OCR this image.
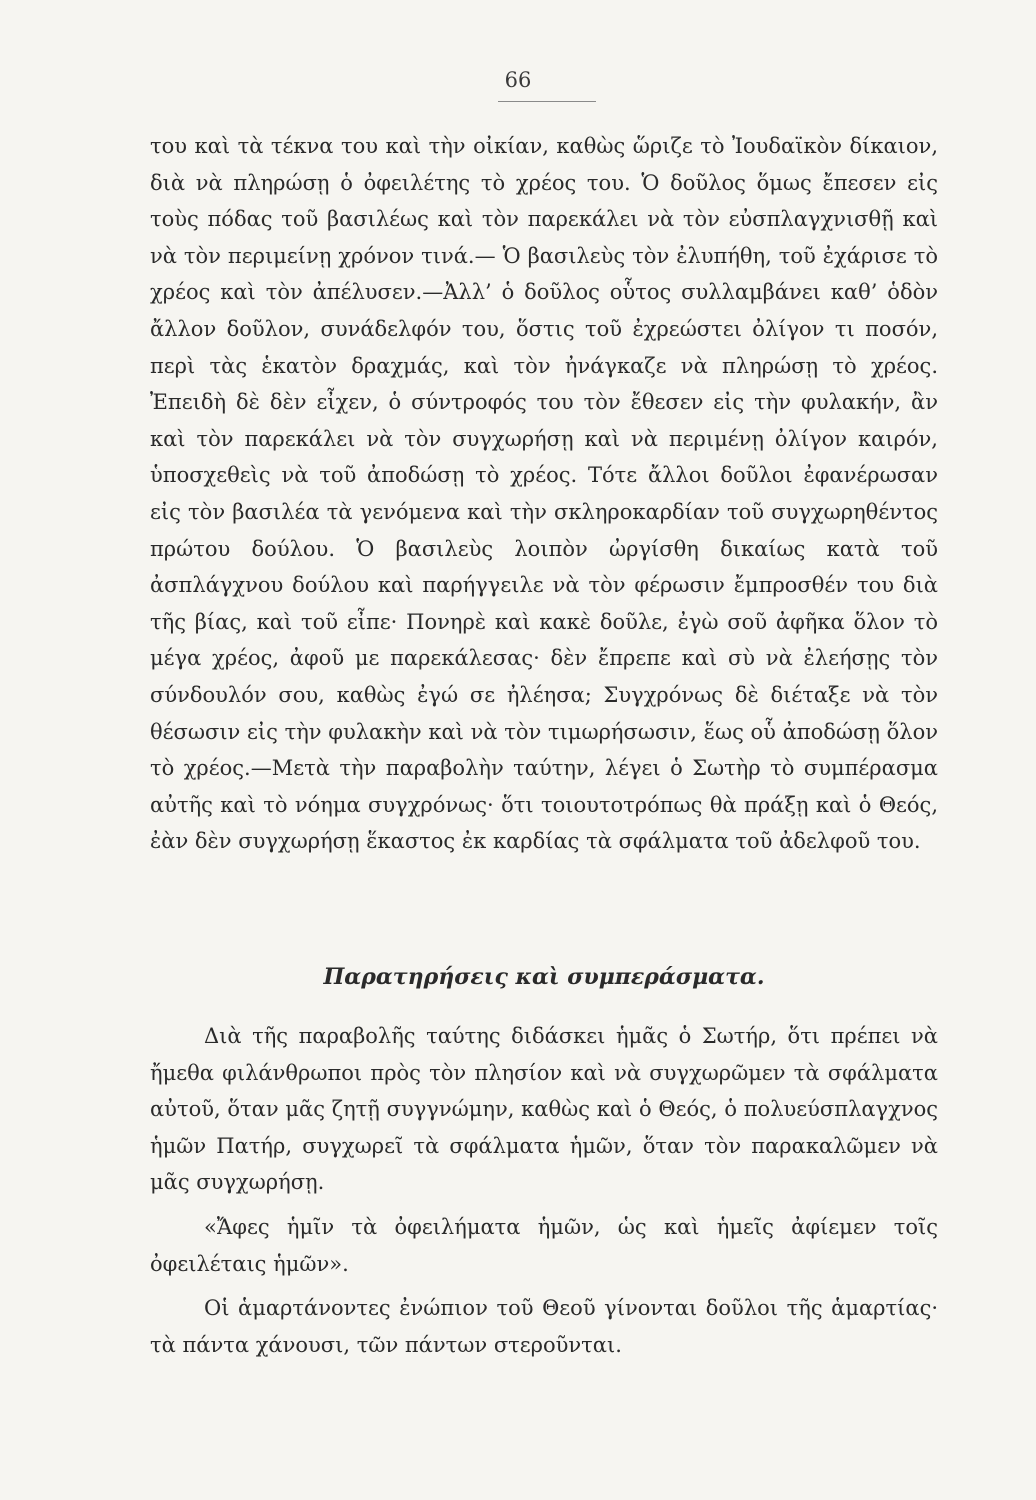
66

του καὶ τὰ τέκνα του καὶ τὴν οἰκίαν, καθὼς ὥριζε τὸ Ἰουδαϊκὸν δίκαιον, διὰ νὰ πληρώσῃ ὁ ὀφειλέτης τὸ χρέος του. Ὁ δοῦλος ὅμως ἔπεσεν εἰς τοὺς πόδας τοῦ βασιλέως καὶ τὸν παρεκάλει νὰ τὸν εὐσπλαγχνισθῇ καὶ νὰ τὸν περιμείνῃ χρόνον τινά.— Ὁ βασιλεὺς τὸν ἐλυπήθη, τοῦ ἐχάρισε τὸ χρέος καὶ τὸν ἀπέλυσεν.—Ἀλλ’ ὁ δοῦλος οὗτος συλλαμβάνει καθ’ ὁδὸν ἄλλον δοῦλον, συνάδελφόν του, ὅστις τοῦ ἐχρεώστει ὀλίγον τι ποσόν, περὶ τὰς ἑκατὸν δραχμάς, καὶ τὸν ἠνάγκαζε νὰ πληρώσῃ τὸ χρέος. Ἐπειδὴ δὲ δὲν εἶχεν, ὁ σύντροφός του τὸν ἔθεσεν εἰς τὴν φυλακήν, ἂν καὶ τὸν παρεκάλει νὰ τὸν συγχωρήσῃ καὶ νὰ περιμένῃ ὀλίγον καιρόν, ὑποσχεθεὶς νὰ τοῦ ἀποδώσῃ τὸ χρέος. Τότε ἄλλοι δοῦλοι ἐφανέρωσαν εἰς τὸν βασιλέα τὰ γενόμενα καὶ τὴν σκληροκαρδίαν τοῦ συγχωρηθέντος πρώτου δούλου. Ὁ βασιλεὺς λοιπὸν ὠργίσθη δικαίως κατὰ τοῦ ἀσπλάγχνου δούλου καὶ παρήγγειλε νὰ τὸν φέρωσιν ἔμπροσθέν του διὰ τῆς βίας, καὶ τοῦ εἶπε· Πονηρὲ καὶ κακὲ δοῦλε, ἐγὼ σοῦ ἀφῆκα ὅλον τὸ μέγα χρέος, ἀφοῦ με παρεκάλεσας· δὲν ἔπρεπε καὶ σὺ νὰ ἐλεήσῃς τὸν σύνδουλόν σου, καθὼς ἐγώ σε ἠλέησα; Συγχρόνως δὲ διέταξε νὰ τὸν θέσωσιν εἰς τὴν φυλακὴν καὶ νὰ τὸν τιμωρήσωσιν, ἕως οὗ ἀποδώσῃ ὅλον τὸ χρέος.—Μετὰ τὴν παραβολὴν ταύτην, λέγει ὁ Σωτὴρ τὸ συμπέρασμα αὐτῆς καὶ τὸ νόημα συγχρόνως· ὅτι τοιουτοτρόπως θὰ πράξῃ καὶ ὁ Θεός, ἐὰν δὲν συγχωρήσῃ ἕκαστος ἐκ καρδίας τὰ σφάλματα τοῦ ἀδελφοῦ του.

Παρατηρήσεις καὶ συμπεράσματα.

Διὰ τῆς παραβολῆς ταύτης διδάσκει ἡμᾶς ὁ Σωτήρ, ὅτι πρέπει νὰ ἤμεθα φιλάνθρωποι πρὸς τὸν πλησίον καὶ νὰ συγχωρῶμεν τὰ σφάλματα αὐτοῦ, ὅταν μᾶς ζητῇ συγγνώμην, καθὼς καὶ ὁ Θεός, ὁ πολυεύσπλαγχνος ἡμῶν Πατήρ, συγχωρεῖ τὰ σφάλματα ἡμῶν, ὅταν τὸν παρακαλῶμεν νὰ μᾶς συγχωρήσῃ.

«Ἄφες ἡμῖν τὰ ὀφειλήματα ἡμῶν, ὡς καὶ ἡμεῖς ἀφίεμεν τοῖς ὀφειλέταις ἡμῶν».

Οἱ ἁμαρτάνοντες ἐνώπιον τοῦ Θεοῦ γίνονται δοῦλοι τῆς ἁμαρτίας· τὰ πάντα χάνουσι, τῶν πάντων στεροῦνται.
